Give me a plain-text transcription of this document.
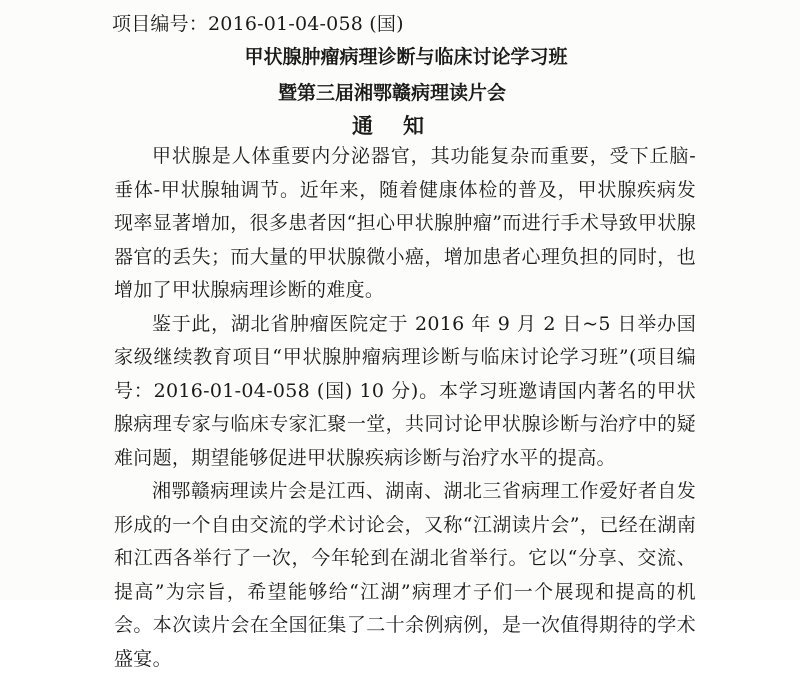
项目编号：2016-01-04-058 (国)
甲状腺肿瘤病理诊断与临床讨论学习班
暨第三届湘鄂赣病理读片会
通知

甲状腺是人体重要内分泌器官，其功能复杂而重要，受下丘脑-垂体-甲状腺轴调节。近年来，随着健康体检的普及，甲状腺疾病发现率显著增加，很多患者因“担心甲状腺肿瘤”而进行手术导致甲状腺器官的丢失；而大量的甲状腺微小癌，增加患者心理负担的同时，也增加了甲状腺病理诊断的难度。

鉴于此，湖北省肿瘤医院定于 2016 年 9 月 2 日~5 日举办国家级继续教育项目“甲状腺肿瘤病理诊断与临床讨论学习班”(项目编号：2016-01-04-058 (国) 10 分)。本学习班邀请国内著名的甲状腺病理专家与临床专家汇聚一堂，共同讨论甲状腺诊断与治疗中的疑难问题，期望能够促进甲状腺疾病诊断与治疗水平的提高。

湘鄂赣病理读片会是江西、湖南、湖北三省病理工作爱好者自发形成的一个自由交流的学术讨论会，又称“江湖读片会”，已经在湖南和江西各举行了一次，今年轮到在湖北省举行。它以“分享、交流、提高”为宗旨，希望能够给“江湖”病理才子们一个展现和提高的机会。本次读片会在全国征集了二十余例病例，是一次值得期待的学术盛宴。
